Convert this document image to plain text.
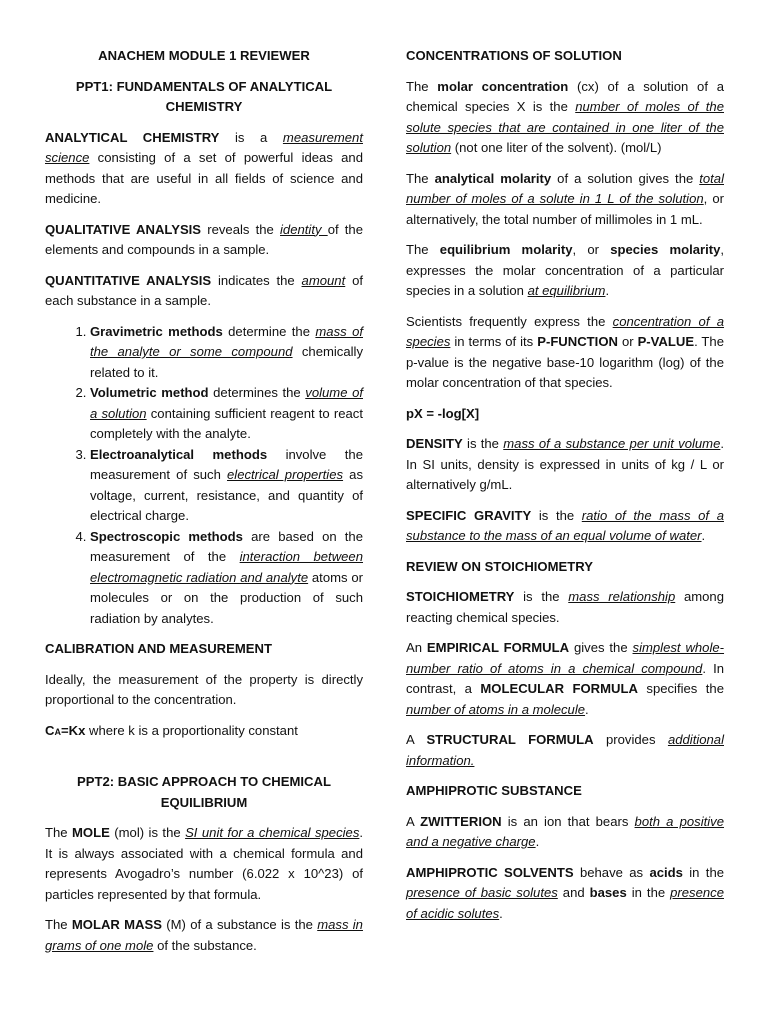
ANACHEM MODULE 1 REVIEWER
PPT1: FUNDAMENTALS OF ANALYTICAL CHEMISTRY

ANALYTICAL CHEMISTRY is a measurement science consisting of a set of powerful ideas and methods that are useful in all fields of science and medicine.

QUALITATIVE ANALYSIS reveals the identity of the elements and compounds in a sample.

QUANTITATIVE ANALYSIS indicates the amount of each substance in a sample.

1. Gravimetric methods determine the mass of the analyte or some compound chemically related to it.
2. Volumetric method determines the volume of a solution containing sufficient reagent to react completely with the analyte.
3. Electroanalytical methods involve the measurement of such electrical properties as voltage, current, resistance, and quantity of electrical charge.
4. Spectroscopic methods are based on the measurement of the interaction between electromagnetic radiation and analyte atoms or molecules or on the production of such radiation by analytes.
CALIBRATION AND MEASUREMENT

Ideally, the measurement of the property is directly proportional to the concentration.

CA=Kx where k is a proportionality constant

PPT2: BASIC APPROACH TO CHEMICAL EQUILIBRIUM

The MOLE (mol) is the SI unit for a chemical species. It is always associated with a chemical formula and represents Avogadro’s number (6.022 x 10^23) of particles represented by that formula.

The MOLAR MASS (M) of a substance is the mass in grams of one mole of the substance.

CONCENTRATIONS OF SOLUTION

The molar concentration (cx) of a solution of a chemical species X is the number of moles of the solute species that are contained in one liter of the solution (not one liter of the solvent). (mol/L)

The analytical molarity of a solution gives the total number of moles of a solute in 1 L of the solution, or alternatively, the total number of millimoles in 1 mL.

The equilibrium molarity, or species molarity, expresses the molar concentration of a particular species in a solution at equilibrium.

Scientists frequently express the concentration of a species in terms of its P-FUNCTION or P-VALUE. The p-value is the negative base-10 logarithm (log) of the molar concentration of that species.

pX = -log[X]

DENSITY is the mass of a substance per unit volume. In SI units, density is expressed in units of kg / L or alternatively g/mL.

SPECIFIC GRAVITY is the ratio of the mass of a substance to the mass of an equal volume of water.

REVIEW ON STOICHIOMETRY

STOICHIOMETRY is the mass relationship among reacting chemical species.

An EMPIRICAL FORMULA gives the simplest whole-number ratio of atoms in a chemical compound. In contrast, a MOLECULAR FORMULA specifies the number of atoms in a molecule.

A STRUCTURAL FORMULA provides additional information.

AMPHIPROTIC SUBSTANCE

A ZWITTERION is an ion that bears both a positive and a negative charge.

AMPHIPROTIC SOLVENTS behave as acids in the presence of basic solutes and bases in the presence of acidic solutes.
